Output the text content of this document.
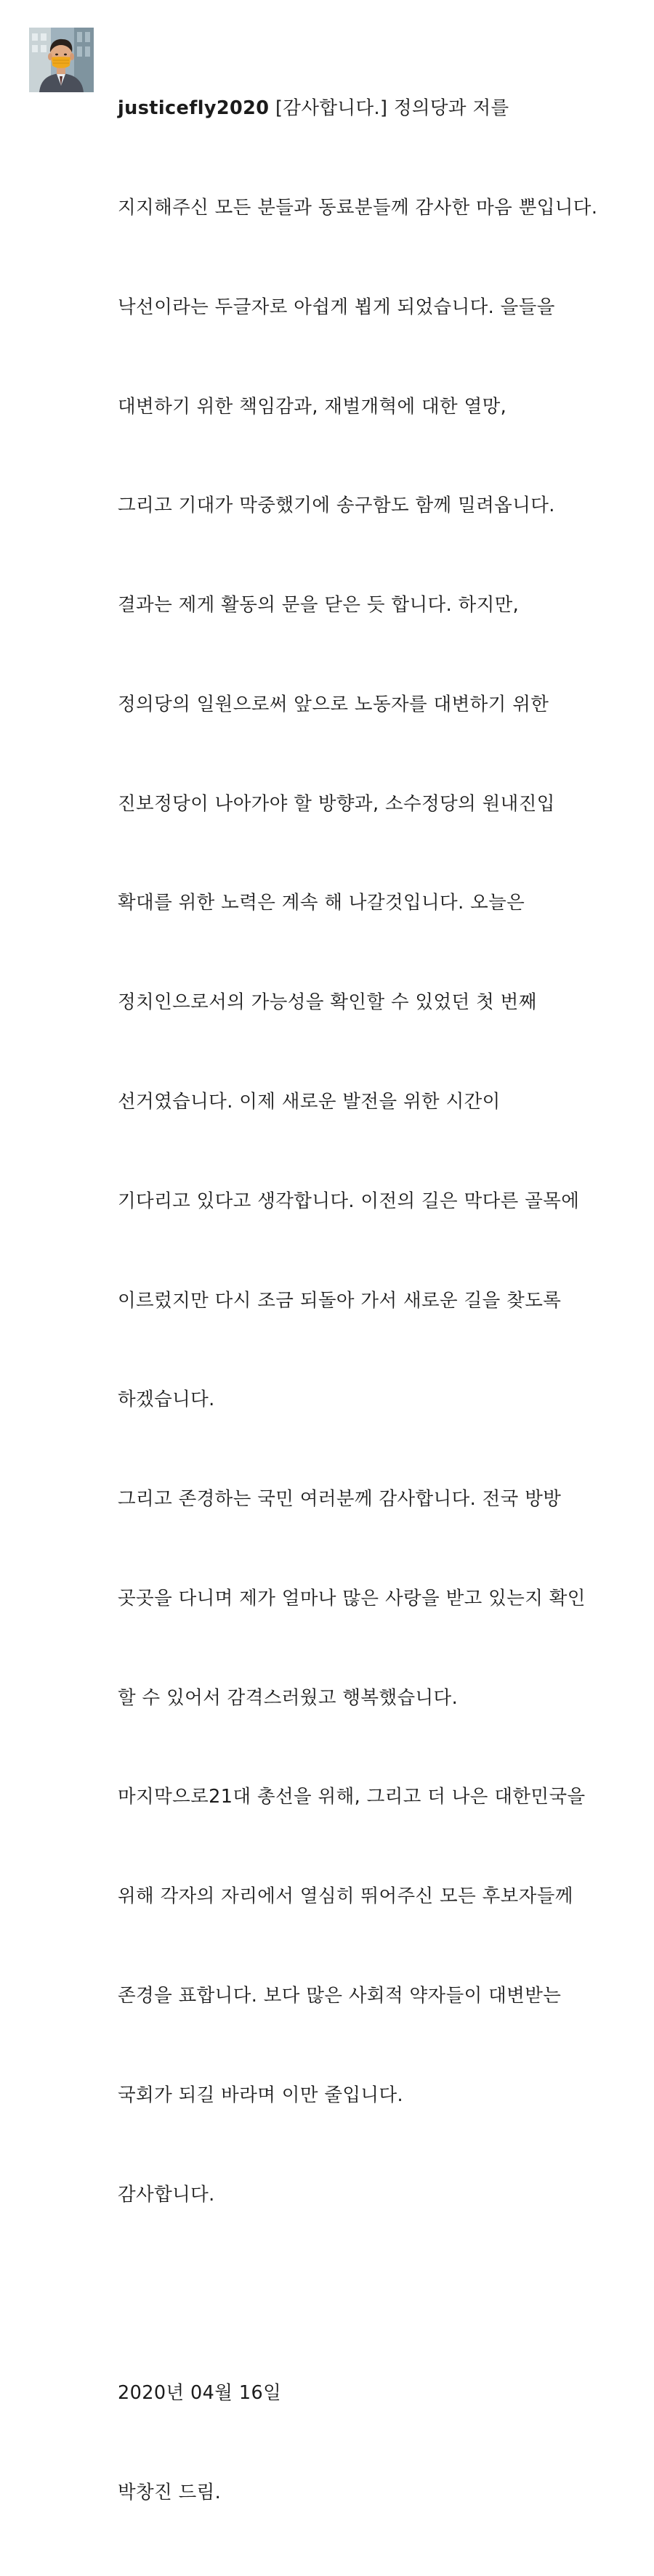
justicefly2020 [감사합니다.] 정의당과 저를

지지해주신 모든 분들과 동료분들께 감사한 마음 뿐입니다.

낙선이라는 두글자로 아쉽게 뵙게 되었습니다. 을들을

대변하기 위한 책임감과, 재벌개혁에 대한 열망,

그리고 기대가 막중했기에 송구함도 함께 밀려옵니다.

결과는 제게 활동의 문을 닫은 듯 합니다. 하지만,

정의당의 일원으로써 앞으로 노동자를 대변하기 위한

진보정당이 나아가야 할 방향과, 소수정당의 원내진입

확대를 위한 노력은 계속 해 나갈것입니다. 오늘은

정치인으로서의 가능성을 확인할 수 있었던 첫 번째

선거였습니다. 이제 새로운 발전을 위한 시간이

기다리고 있다고 생각합니다. 이전의 길은 막다른 골목에

이르렀지만 다시 조금 되돌아 가서 새로운 길을 찾도록

하겠습니다.

그리고 존경하는 국민 여러분께 감사합니다. 전국 방방

곳곳을 다니며 제가 얼마나 많은 사랑을 받고 있는지 확인

할 수 있어서 감격스러웠고 행복했습니다.

마지막으로21대 총선을 위해, 그리고 더 나은 대한민국을

위해 각자의 자리에서 열심히 뛰어주신 모든 후보자들께

존경을 표합니다. 보다 많은 사회적 약자들이 대변받는

국회가 되길 바라며 이만 줄입니다.

감사합니다.

2020년 04월 16일

박창진 드림.
